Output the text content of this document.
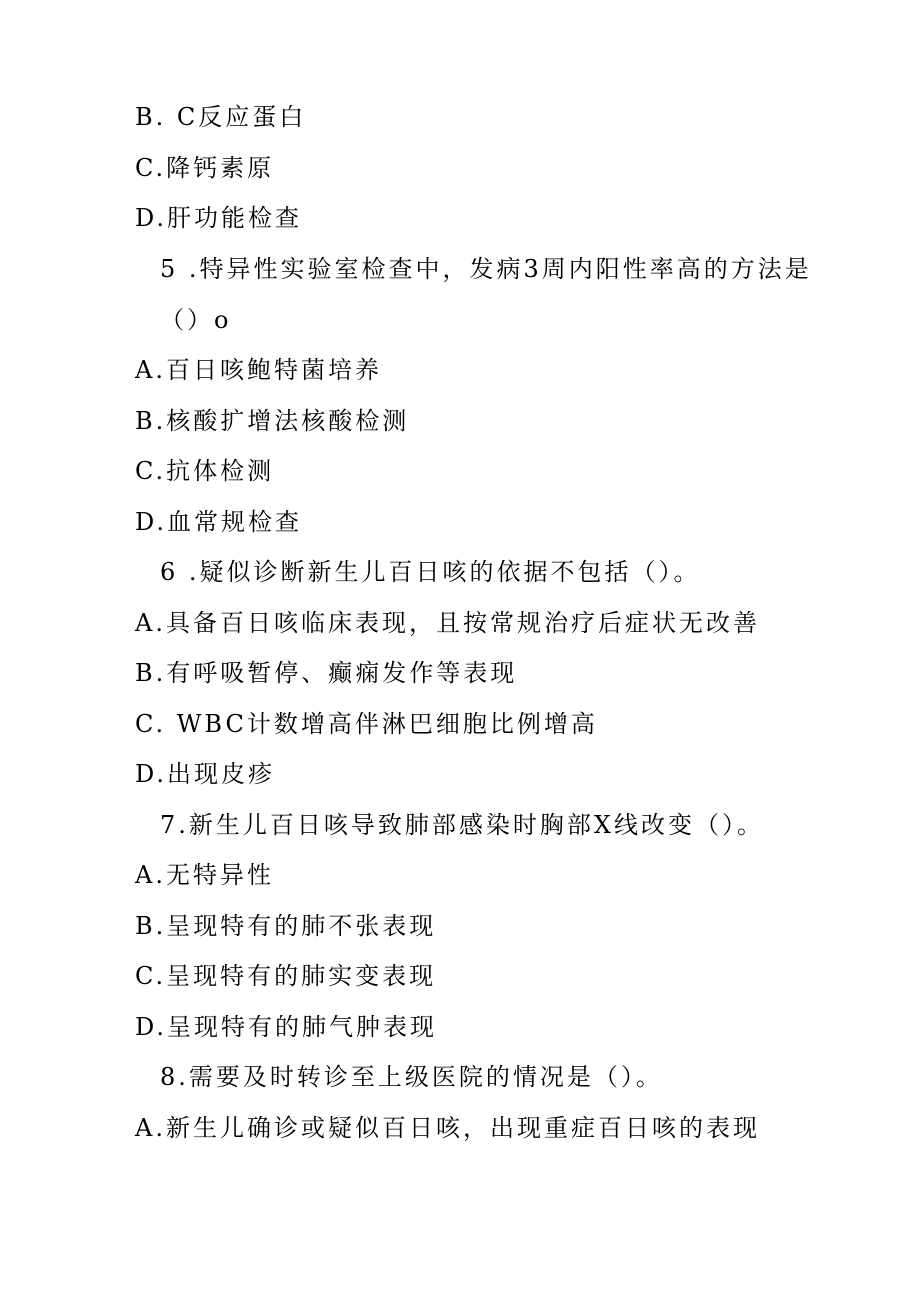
B. C反应蛋白
C.降钙素原
D.肝功能检查
5 .特异性实验室检查中，发病3周内阳性率高的方法是
（）o
A.百日咳鲍特菌培养
B.核酸扩增法核酸检测
C.抗体检测
D.血常规检查
6 .疑似诊断新生儿百日咳的依据不包括（）。
A.具备百日咳临床表现，且按常规治疗后症状无改善
B.有呼吸暂停、癫痫发作等表现
C. WBC计数增高伴淋巴细胞比例增高
D.出现皮疹
7.新生儿百日咳导致肺部感染时胸部X线改变（）。
A.无特异性
B.呈现特有的肺不张表现
C.呈现特有的肺实变表现
D.呈现特有的肺气肿表现
8.需要及时转诊至上级医院的情况是（）。
A.新生儿确诊或疑似百日咳，出现重症百日咳的表现
